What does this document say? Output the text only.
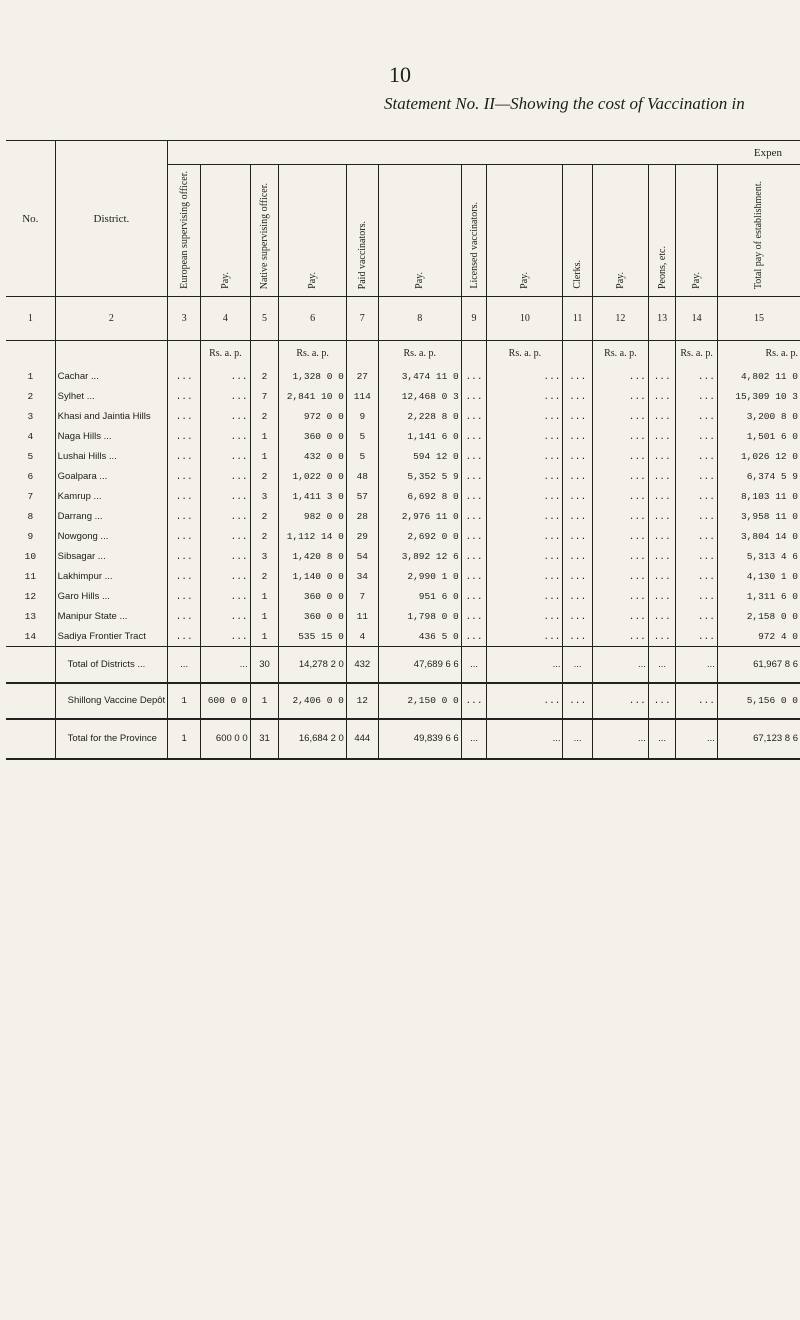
10
Statement No. II—Showing the cost of Vaccination in
No.	District.	Expen												
		European supervising officer.	Pay.	Native supervising officer.	Pay.	Paid vaccinators.	Pay.	Licensed vaccinators.	Pay.	Clerks.	Pay.	Peons, etc.	Pay.	Total pay of establishment.
1	2	3	4	5	6	7	8	9	10	11	12	13	14	15
			Rs. a. p.		Rs. a. p.		Rs. a. p.		Rs. a. p.		Rs. a. p.		Rs. a. p.	Rs. a. p.
1	Cachar ...	...	...	2	1,328 0 0	27	3,474 11 0	...	...	...	...	...	...	4,802 11 0
2	Sylhet ...	...	...	7	2,841 10 0	114	12,468 0 3	...	...	...	...	...	...	15,309 10 3
3	Khasi and Jaintia Hills	...	...	2	972 0 0	9	2,228 8 0	...	...	...	...	...	...	3,200 8 0
4	Naga Hills ...	...	...	1	360 0 0	5	1,141 6 0	...	...	...	...	...	...	1,501 6 0
5	Lushai Hills ...	...	...	1	432 0 0	5	594 12 0	...	...	...	...	...	...	1,026 12 0
6	Goalpara ...	...	...	2	1,022 0 0	48	5,352 5 9	...	...	...	...	...	...	6,374 5 9
7	Kamrup ...	...	...	3	1,411 3 0	57	6,692 8 0	...	...	...	...	...	...	8,103 11 0
8	Darrang ...	...	...	2	982 0 0	28	2,976 11 0	...	...	...	...	...	...	3,958 11 0
9	Nowgong ...	...	...	2	1,112 14 0	29	2,692 0 0	...	...	...	...	...	...	3,804 14 0
10	Sibsagar ...	...	...	3	1,420 8 0	54	3,892 12 6	...	...	...	...	...	...	5,313 4 6
11	Lakhimpur ...	...	...	2	1,140 0 0	34	2,990 1 0	...	...	...	...	...	...	4,130 1 0
12	Garo Hills ...	...	...	1	360 0 0	7	951 6 0	...	...	...	...	...	...	1,311 6 0
13	Manipur State ...	...	...	1	360 0 0	11	1,798 0 0	...	...	...	...	...	...	2,158 0 0
14	Sadiya Frontier Tract	...	...	1	535 15 0	4	436 5 0	...	...	...	...	...	...	972 4 0
	Total of Districts ...	...	...	30	14,278 2 0	432	47,689 6 6	...	...	...	...	...	...	61,967 8 6
	Shillong Vaccine Depôt	1	600 0 0	1	2,406 0 0	12	2,150 0 0	...	...	...	...	...	...	5,156 0 0
	Total for the Province	1	600 0 0	31	16,684 2 0	444	49,839 6 6	...	...	...	...	...	...	67,123 8 6
